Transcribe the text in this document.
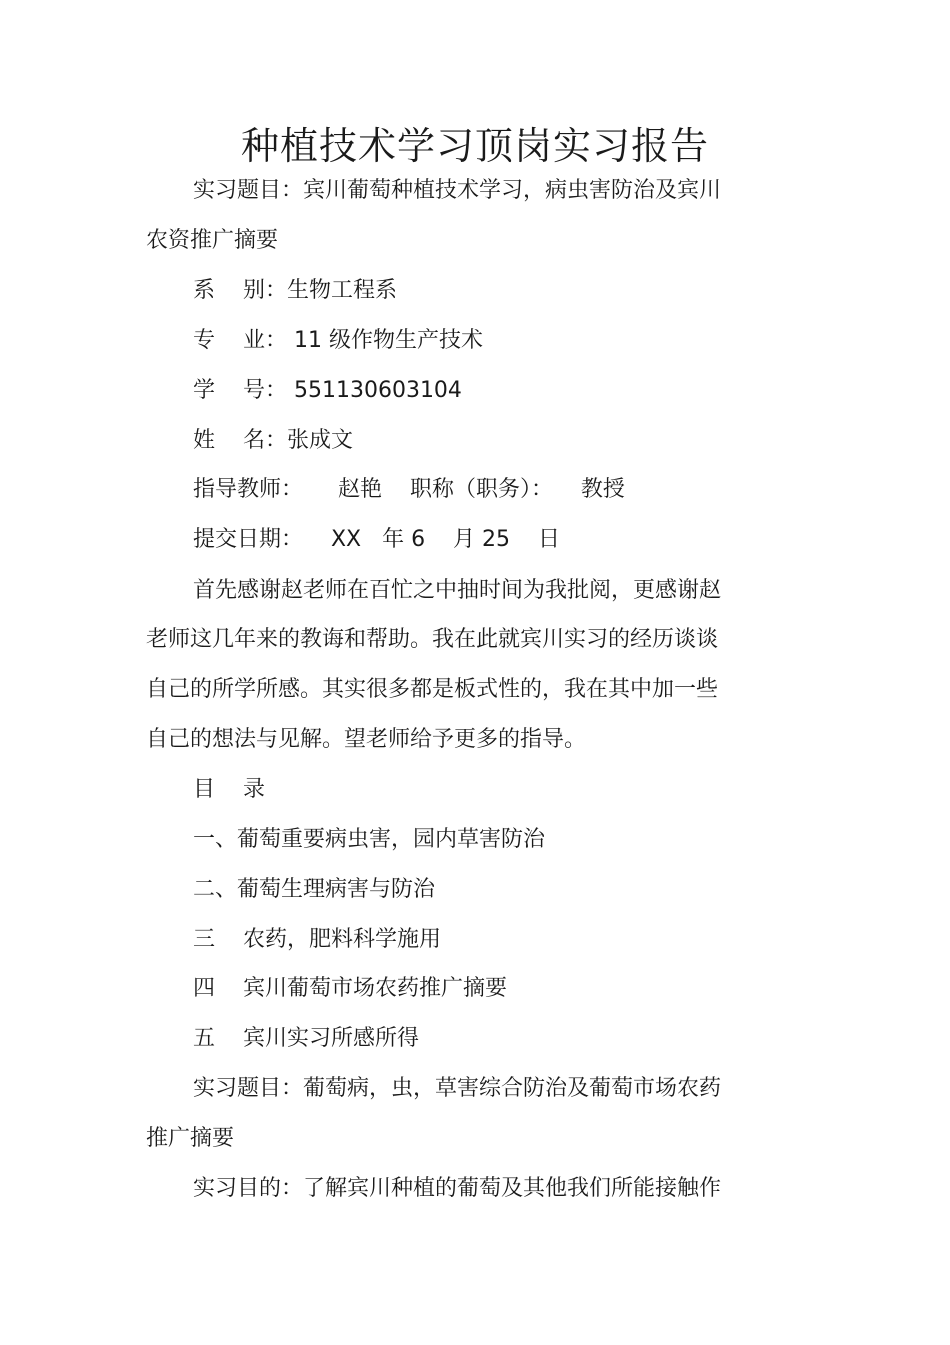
种植技术学习顶岗实习报告

实习题目：宾川葡萄种植技术学习，病虫害防治及宾川

农资推广摘要

系    别：生物工程系

专    业： 11 级作物生产技术

学    号： 551130603104

姓    名：张成文

指导教师：     赵艳    职称（职务）：    教授

提交日期：    XX   年 6    月 25    日

首先感谢赵老师在百忙之中抽时间为我批阅，更感谢赵

老师这几年来的教诲和帮助。我在此就宾川实习的经历谈谈

自己的所学所感。其实很多都是板式性的，我在其中加一些

自己的想法与见解。望老师给予更多的指导。

目    录

一、葡萄重要病虫害，园内草害防治

二、葡萄生理病害与防治

三    农药，肥料科学施用

四    宾川葡萄市场农药推广摘要

五    宾川实习所感所得

实习题目：葡萄病，虫，草害综合防治及葡萄市场农药

推广摘要

实习目的：了解宾川种植的葡萄及其他我们所能接触作
